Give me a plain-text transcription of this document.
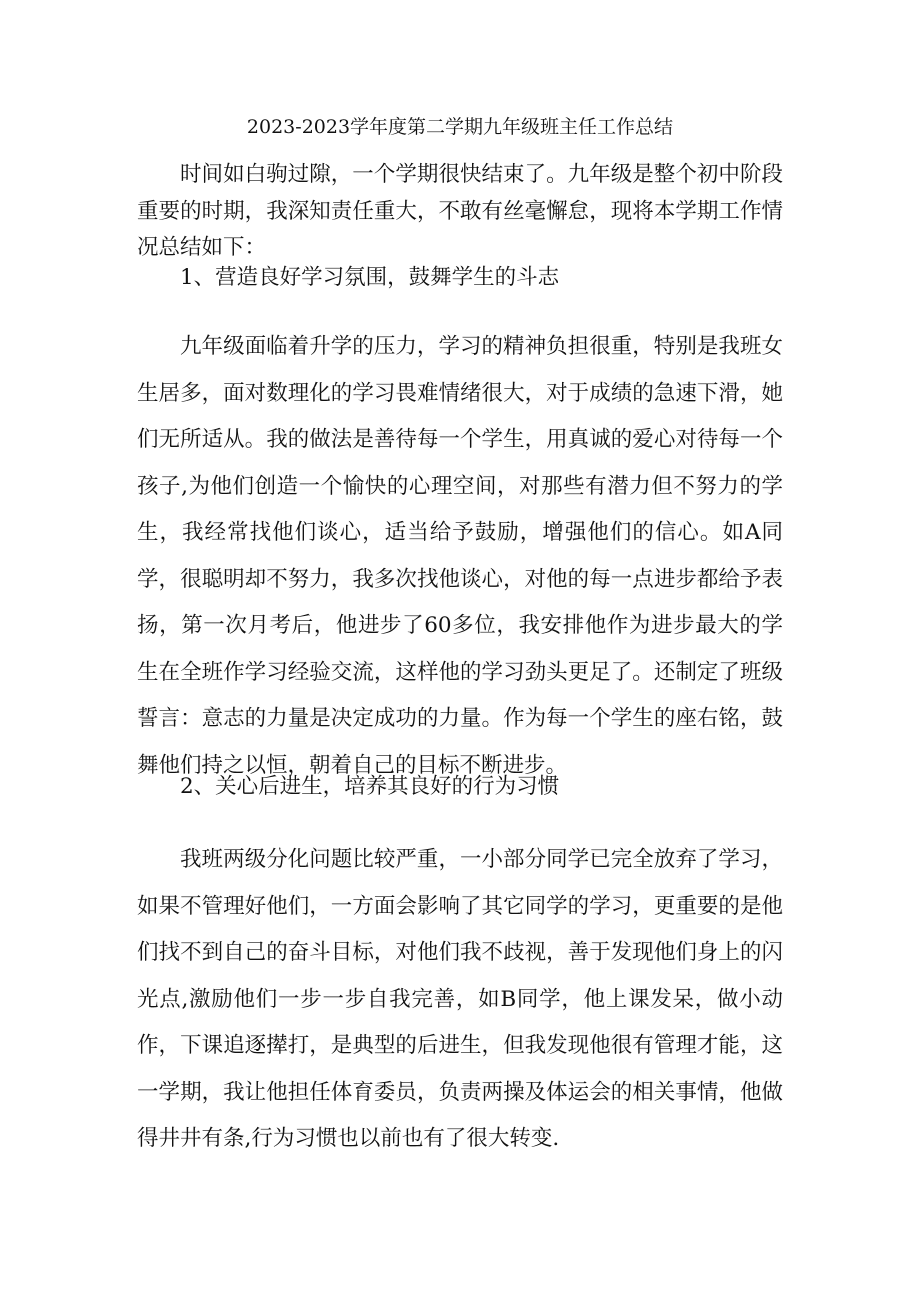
2023-2023学年度第二学期九年级班主任工作总结

时间如白驹过隙，一个学期很快结束了。九年级是整个初中阶段重要的时期，我深知责任重大，不敢有丝毫懈怠，现将本学期工作情况总结如下：

1、营造良好学习氛围，鼓舞学生的斗志

九年级面临着升学的压力，学习的精神负担很重，特别是我班女生居多，面对数理化的学习畏难情绪很大，对于成绩的急速下滑，她们无所适从。我的做法是善待每一个学生，用真诚的爱心对待每一个孩子,为他们创造一个愉快的心理空间，对那些有潜力但不努力的学生，我经常找他们谈心，适当给予鼓励，增强他们的信心。如A同学，很聪明却不努力，我多次找他谈心，对他的每一点进步都给予表扬，第一次月考后，他进步了60多位，我安排他作为进步最大的学生在全班作学习经验交流，这样他的学习劲头更足了。还制定了班级誓言：意志的力量是决定成功的力量。作为每一个学生的座右铭，鼓舞他们持之以恒，朝着自己的目标不断进步。

2、关心后进生，培养其良好的行为习惯

我班两级分化问题比较严重，一小部分同学已完全放弃了学习，如果不管理好他们，一方面会影响了其它同学的学习，更重要的是他们找不到自己的奋斗目标，对他们我不歧视，善于发现他们身上的闪光点,激励他们一步一步自我完善，如B同学，他上课发呆，做小动作，下课追逐撵打，是典型的后进生，但我发现他很有管理才能，这一学期，我让他担任体育委员，负责两操及体运会的相关事情，他做得井井有条,行为习惯也以前也有了很大转变.
